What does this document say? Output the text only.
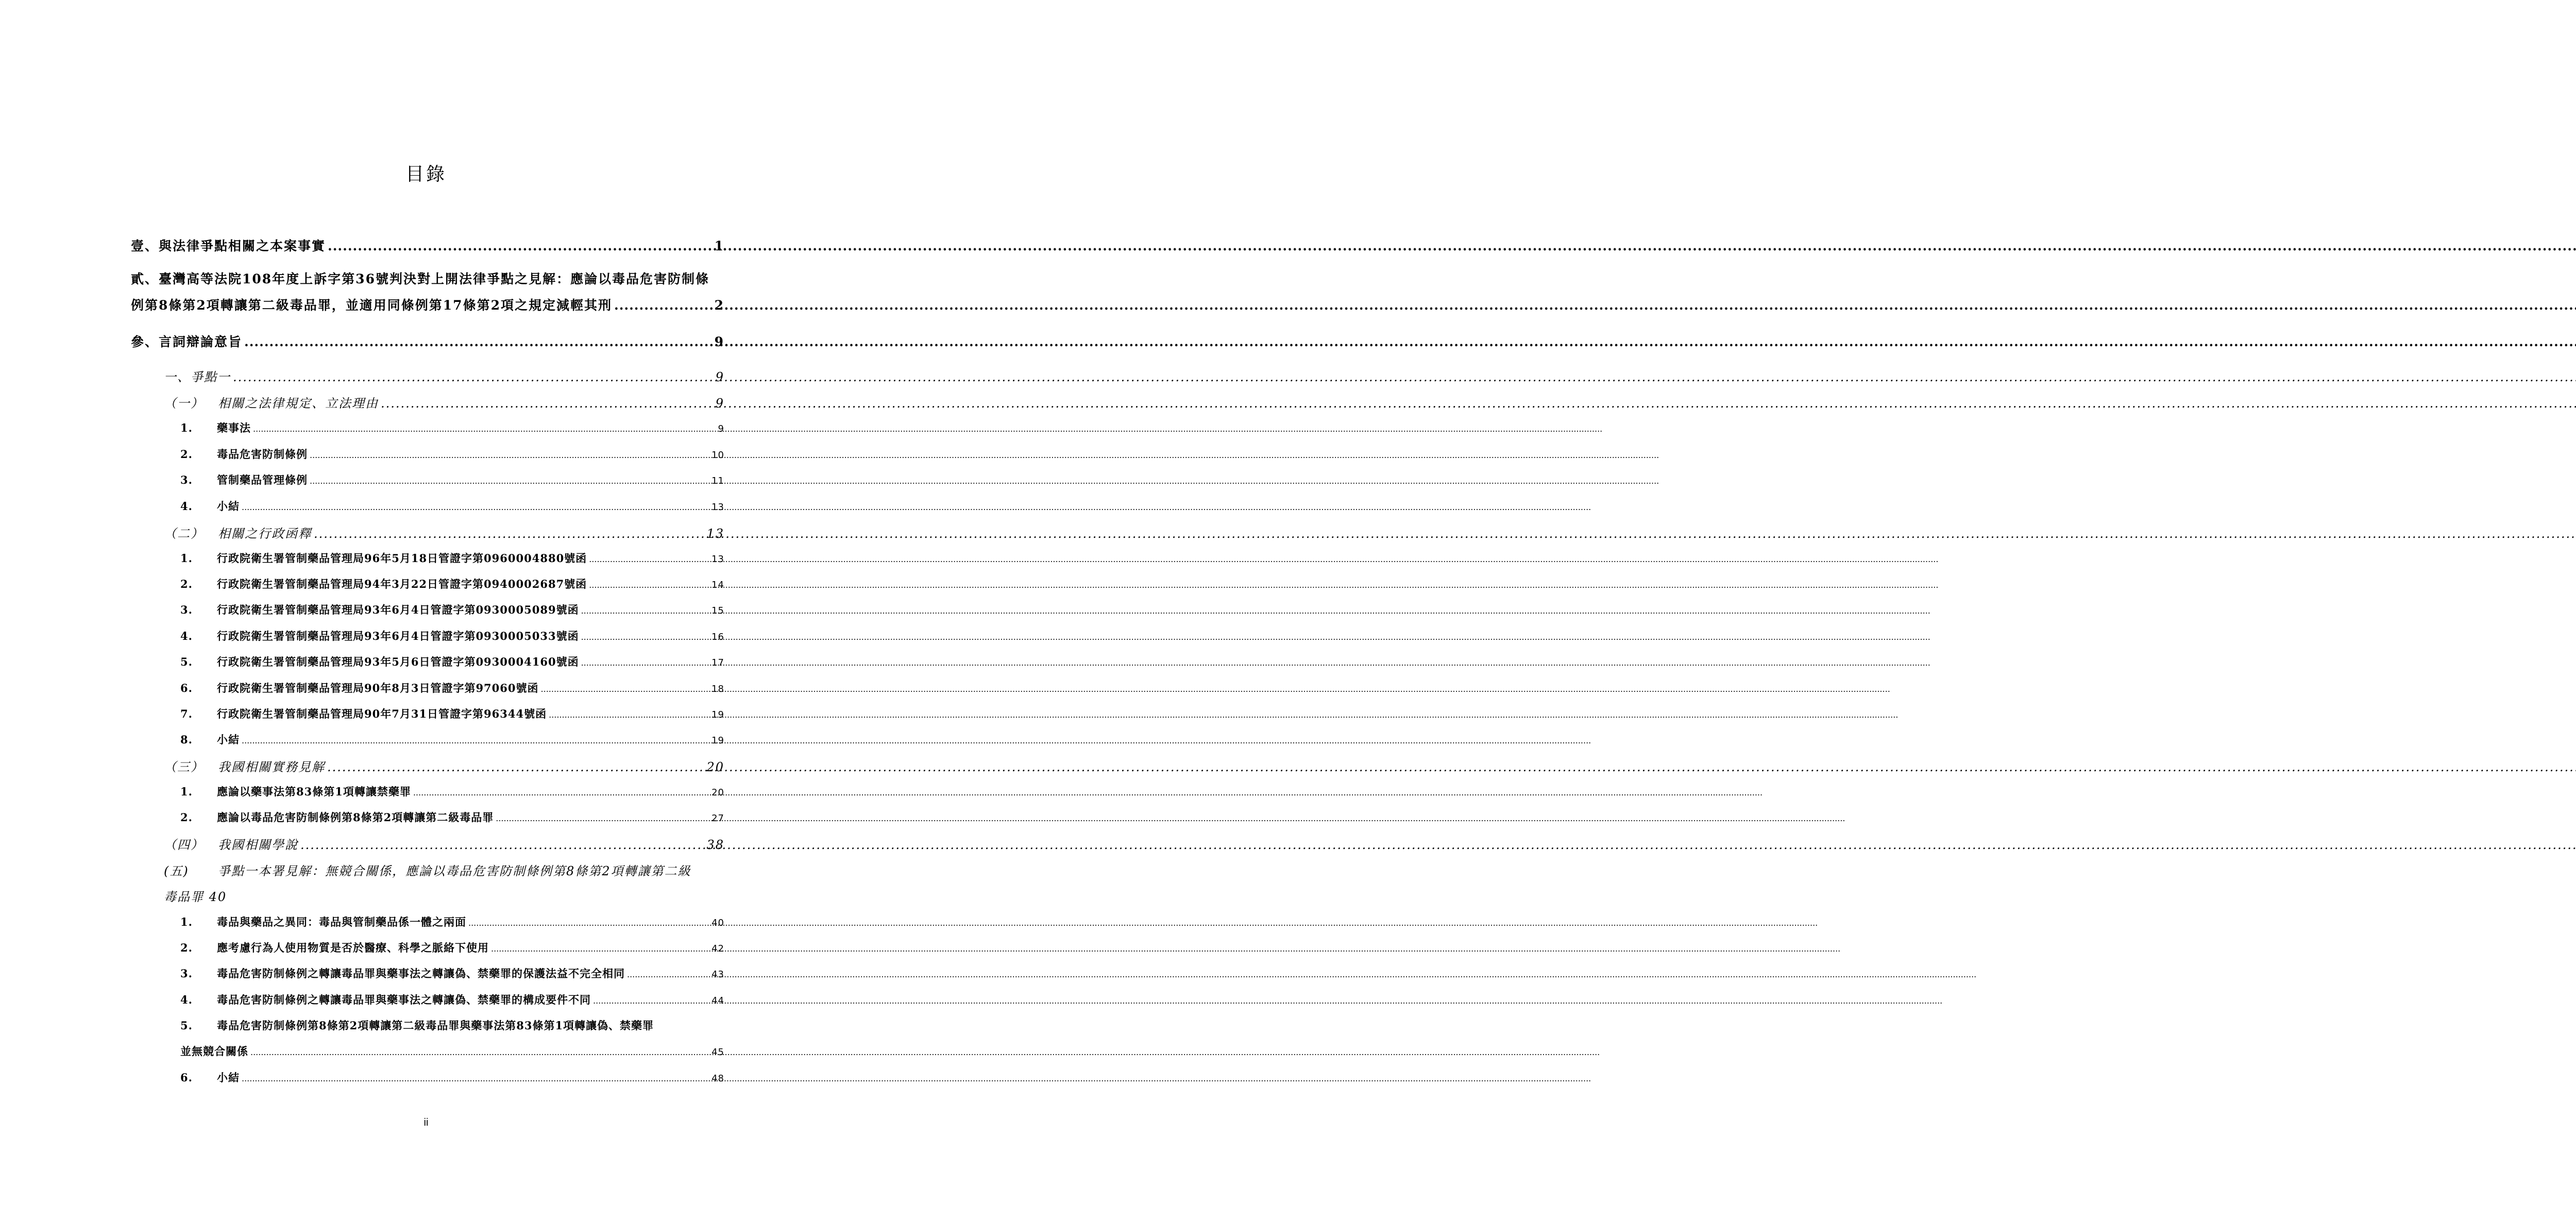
目錄
壹、與法律爭點相關之本案事實 .....	1
貳、臺灣高等法院108年度上訴字第36號判決對上開法律爭點之見解：應論以毒品危害防制條
例第8條第2項轉讓第二級毒品罪，並適用同條例第17條第2項之規定減輕其刑 .....	2
參、言詞辯論意旨 .....	9
一、爭點一 .....	9
（一） 相關之法律規定、立法理由 .....	9
1. 藥事法 .....	9
2. 毒品危害防制條例 .....	10
3. 管制藥品管理條例 .....	11
4. 小結 .....	13
（二） 相關之行政函釋 .....	13
1. 行政院衛生署管制藥品管理局96年5月18日管證字第0960004880號函 .....	13
2. 行政院衛生署管制藥品管理局94年3月22日管證字第0940002687號函 .....	14
3. 行政院衛生署管制藥品管理局93年6月4日管證字第0930005089號函 .....	15
4. 行政院衛生署管制藥品管理局93年6月4日管證字第0930005033號函 .....	16
5. 行政院衛生署管制藥品管理局93年5月6日管證字第0930004160號函 .....	17
6. 行政院衛生署管制藥品管理局90年8月3日管證字第97060號函 .....	18
7. 行政院衛生署管制藥品管理局90年7月31日管證字第96344號函 .....	19
8. 小結 .....	19
（三） 我國相關實務見解 .....	20
1. 應論以藥事法第83條第1項轉讓禁藥罪 .....	20
2. 應論以毒品危害防制條例第8條第2項轉讓第二級毒品罪 .....	27
（四） 我國相關學說 .....	38
(五) 爭點一本署見解：無競合關係，應論以毒品危害防制條例第8條第2項轉讓第二級
毒品罪 40
1. 毒品與藥品之異同：毒品與管制藥品係一體之兩面 .....	40
2. 應考慮行為人使用物質是否於醫療、科學之脈絡下使用 .....	42
3. 毒品危害防制條例之轉讓毒品罪與藥事法之轉讓偽、禁藥罪的保護法益不完全相同 .....	43
4. 毒品危害防制條例之轉讓毒品罪與藥事法之轉讓偽、禁藥罪的構成要件不同 .....	44
5. 毒品危害防制條例第8條第2項轉讓第二級毒品罪與藥事法第83條第1項轉讓偽、禁藥罪
並無競合關係 .....	45
6. 小結 .....	48
ii
